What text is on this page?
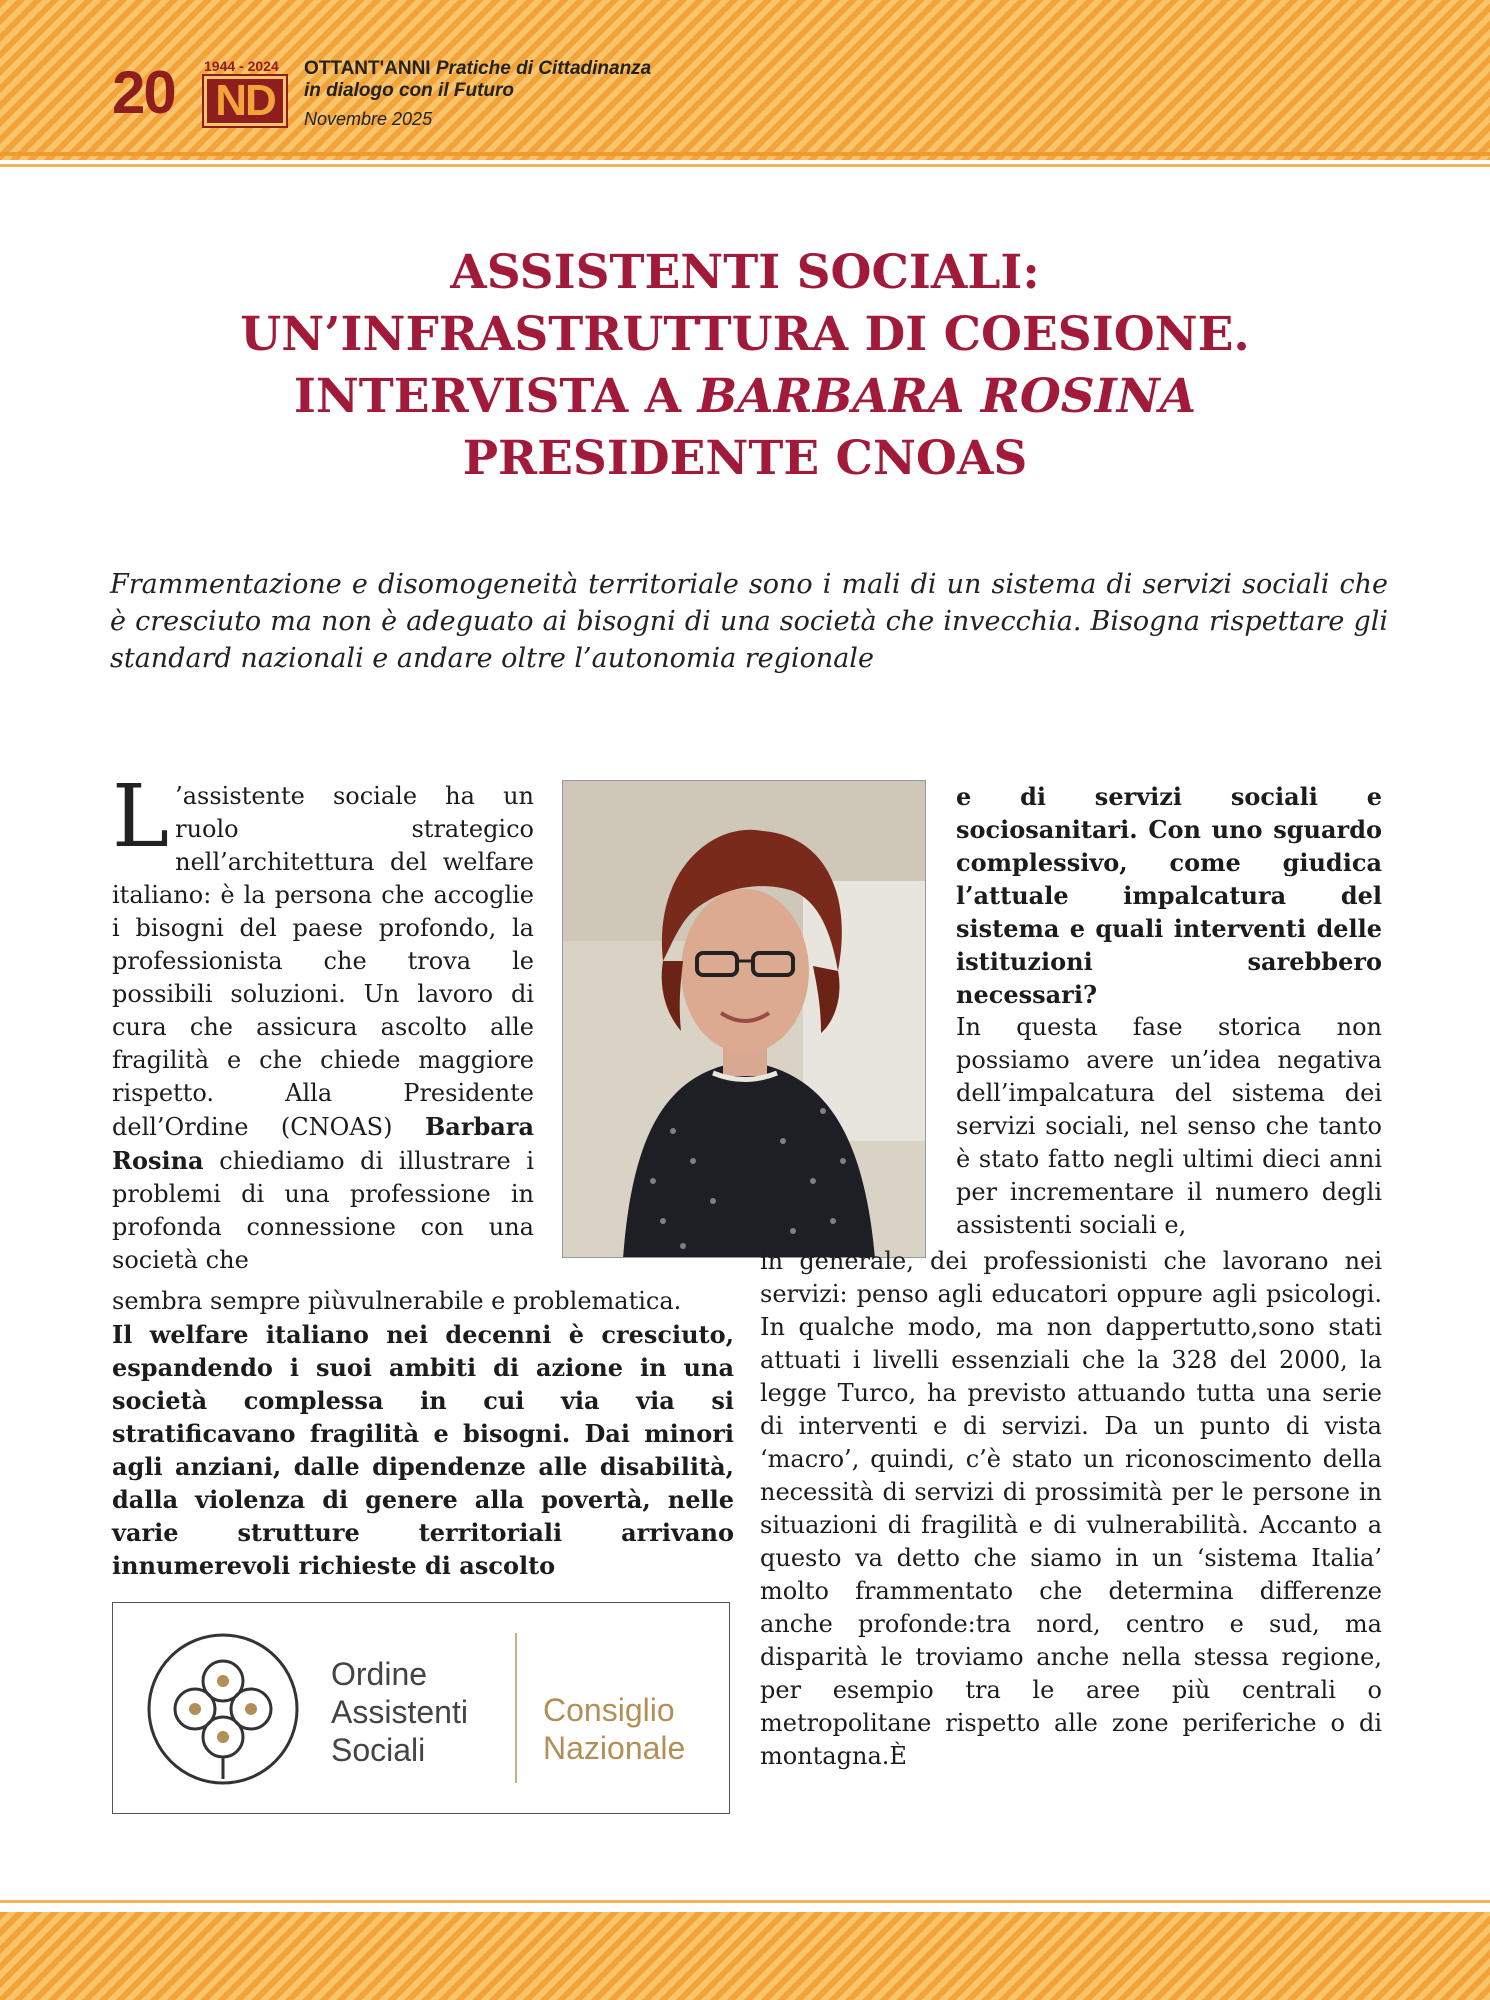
20 1944 - 2024
ND
OTTANT'ANNI Pratiche di Cittadinanza
in dialogo con il Futuro
Novembre 2025
ASSISTENTI SOCIALI:
UN’INFRASTRUTTURA DI COESIONE.
INTERVISTA A BARBARA ROSINA
PRESIDENTE CNOAS

Frammentazione e disomogeneità territoriale sono i mali di un sistema di servizi sociali che è cresciuto ma non è adeguato ai bisogni di una società che invecchia. Bisogna rispettare gli standard nazionali e andare oltre l’autonomia regionale

L ’assistente sociale ha un ruolo strategico nell’architettura del welfare italiano: è la persona che accoglie i bisogni del paese profondo, la professionista che trova le possibili soluzioni. Un lavoro di cura che assicura ascolto alle fragilità e che chiede maggiore rispetto. Alla Presidente dell’Ordine (CNOAS) Barbara Rosina chiediamo di illustrare i problemi di una professione in profonda connessione con una società che

sembra sempre piùvulnerabile e problematica.

Il welfare italiano nei decenni è cresciuto, espandendo i suoi ambiti di azione in una società complessa in cui via via si stratificavano fragilità e bisogni. Dai minori agli anziani, dalle dipendenze alle disabilità, dalla violenza di genere alla povertà, nelle varie strutture territoriali arrivano innumerevoli richieste di ascolto

e di servizi sociali e sociosanitari. Con uno sguardo complessivo, come giudica l’attuale impalcatura del sistema e quali interventi delle istituzioni sarebbero necessari?

In questa fase storica non possiamo avere un’idea negativa dell’impalcatura del sistema dei servizi sociali, nel senso che tanto è stato fatto negli ultimi dieci anni per incrementare il numero degli assistenti sociali e,

in generale, dei professionisti che lavorano nei servizi: penso agli educatori oppure agli psicologi. In qualche modo, ma non dappertutto,sono stati attuati i livelli essenziali che la 328 del 2000, la legge Turco, ha previsto attuando tutta una serie di interventi e di servizi. Da un punto di vista ‘macro’, quindi, c’è stato un riconoscimento della necessità di servizi di prossimità per le persone in situazioni di fragilità e di vulnerabilità. Accanto a questo va detto che siamo in un ‘sistema Italia’ molto frammentato che determina differenze anche profonde:tra nord, centro e sud, ma disparità le troviamo anche nella stessa regione, per esempio tra le aree più centrali o metropolitane rispetto alle zone periferiche o di montagna.È

Ordine
Assistenti
Sociali
Consiglio
Nazionale
